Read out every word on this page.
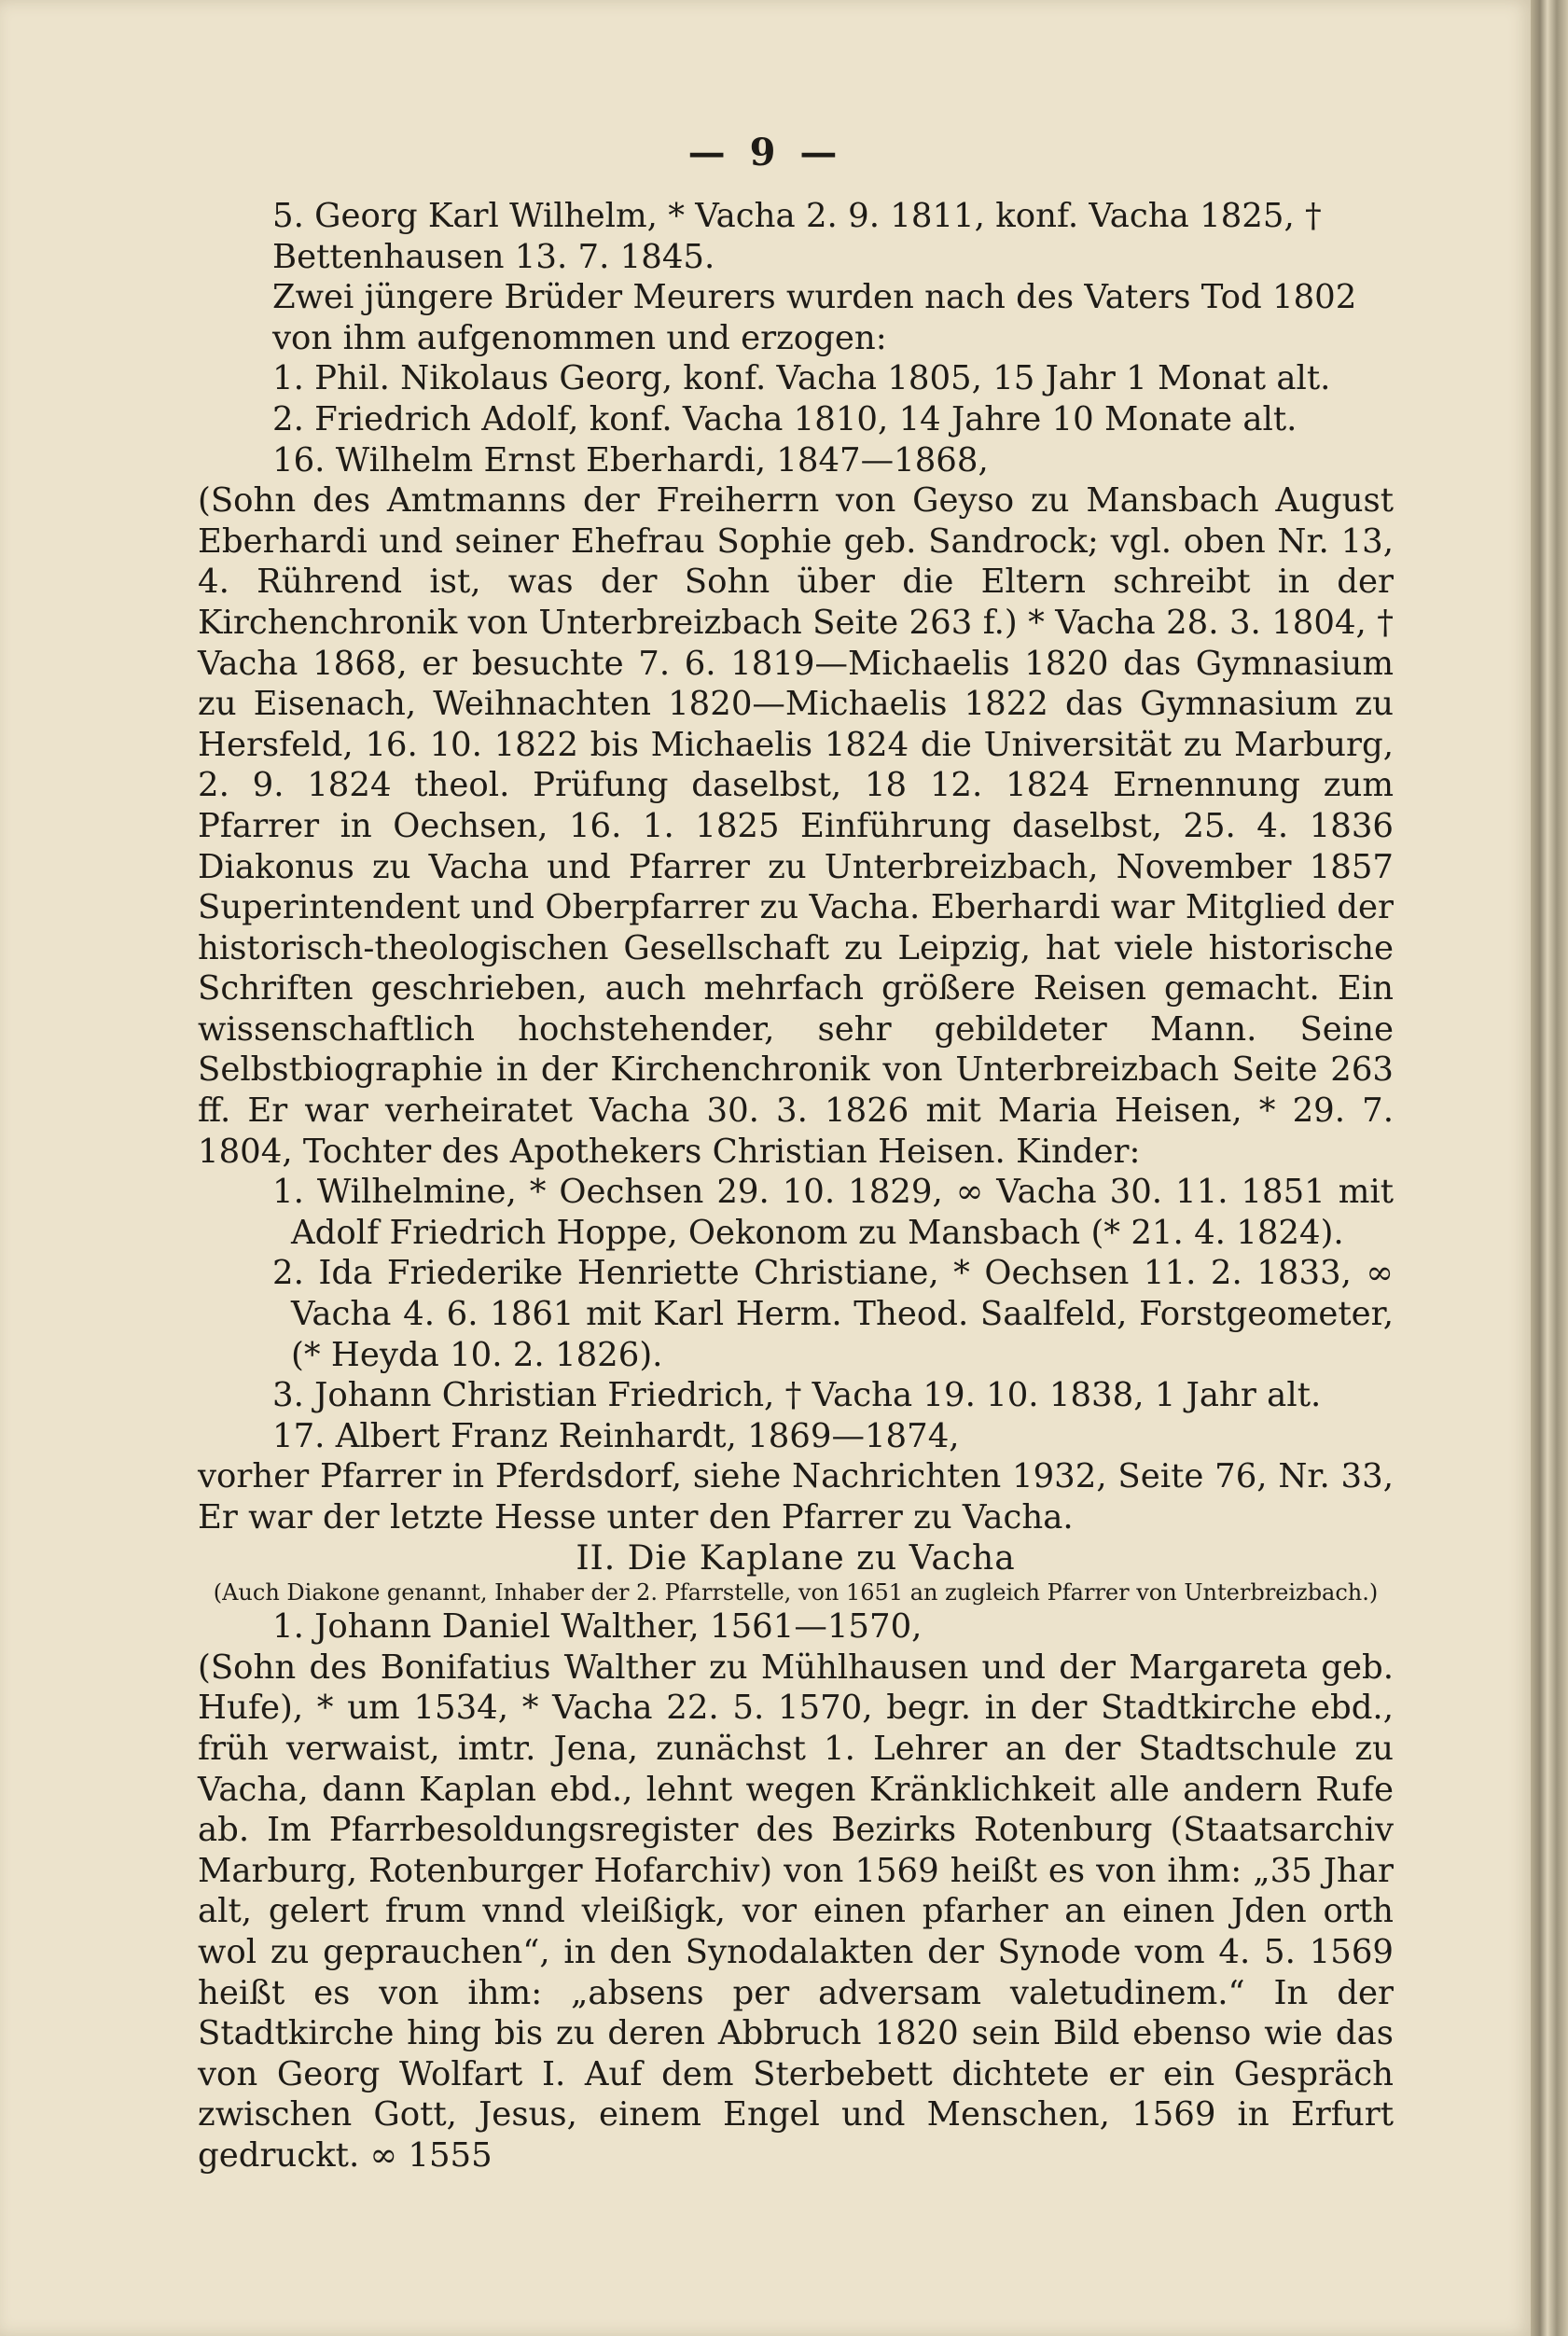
— 9 —

5. Georg Karl Wilhelm, * Vacha 2. 9. 1811, konf. Vacha 1825, † Bettenhausen 13. 7. 1845.

Zwei jüngere Brüder Meurers wurden nach des Vaters Tod 1802 von ihm aufgenommen und erzogen:

1. Phil. Nikolaus Georg, konf. Vacha 1805, 15 Jahr 1 Monat alt.

2. Friedrich Adolf, konf. Vacha 1810, 14 Jahre 10 Monate alt.

16. Wilhelm Ernst Eberhardi, 1847—1868,

(Sohn des Amtmanns der Freiherrn von Geyso zu Mansbach August Eberhardi und seiner Ehefrau Sophie geb. Sandrock; vgl. oben Nr. 13, 4. Rührend ist, was der Sohn über die Eltern schreibt in der Kirchenchronik von Unterbreizbach Seite 263 f.) * Vacha 28. 3. 1804, † Vacha 1868, er besuchte 7. 6. 1819—Michaelis 1820 das Gymnasium zu Eisenach, Weihnachten 1820—Michaelis 1822 das Gymnasium zu Hersfeld, 16. 10. 1822 bis Michaelis 1824 die Universität zu Marburg, 2. 9. 1824 theol. Prüfung daselbst, 18 12. 1824 Ernennung zum Pfarrer in Oechsen, 16. 1. 1825 Einführung daselbst, 25. 4. 1836 Diakonus zu Vacha und Pfarrer zu Unterbreizbach, November 1857 Superintendent und Oberpfarrer zu Vacha. Eberhardi war Mitglied der historisch-theologischen Gesellschaft zu Leipzig, hat viele historische Schriften geschrieben, auch mehrfach größere Reisen gemacht. Ein wissenschaftlich hochstehender, sehr gebildeter Mann. Seine Selbstbiographie in der Kirchenchronik von Unterbreizbach Seite 263 ff. Er war verheiratet Vacha 30. 3. 1826 mit Maria Heisen, * 29. 7. 1804, Tochter des Apothekers Christian Heisen. Kinder:

1. Wilhelmine, * Oechsen 29. 10. 1829, ∞ Vacha 30. 11. 1851 mit Adolf Friedrich Hoppe, Oekonom zu Mansbach (* 21. 4. 1824).

2. Ida Friederike Henriette Christiane, * Oechsen 11. 2. 1833, ∞ Vacha 4. 6. 1861 mit Karl Herm. Theod. Saalfeld, Forstgeometer, (* Heyda 10. 2. 1826).

3. Johann Christian Friedrich, † Vacha 19. 10. 1838, 1 Jahr alt.

17. Albert Franz Reinhardt, 1869—1874,

vorher Pfarrer in Pferdsdorf, siehe Nachrichten 1932, Seite 76, Nr. 33, Er war der letzte Hesse unter den Pfarrer zu Vacha.

II. Die Kaplane zu Vacha

(Auch Diakone genannt, Inhaber der 2. Pfarrstelle, von 1651 an zugleich Pfarrer von Unterbreizbach.)

1. Johann Daniel Walther, 1561—1570,

(Sohn des Bonifatius Walther zu Mühlhausen und der Margareta geb. Hufe), * um 1534, * Vacha 22. 5. 1570, begr. in der Stadtkirche ebd., früh verwaist, imtr. Jena, zunächst 1. Lehrer an der Stadtschule zu Vacha, dann Kaplan ebd., lehnt wegen Kränklichkeit alle andern Rufe ab. Im Pfarrbesoldungsregister des Bezirks Rotenburg (Staatsarchiv Marburg, Rotenburger Hofarchiv) von 1569 heißt es von ihm: „35 Jhar alt, gelert frum vnnd vleißigk, vor einen pfarher an einen Jden orth wol zu geprauchen“, in den Synodalakten der Synode vom 4. 5. 1569 heißt es von ihm: „absens per adversam valetudinem.“ In der Stadtkirche hing bis zu deren Abbruch 1820 sein Bild ebenso wie das von Georg Wolfart I. Auf dem Sterbebett dichtete er ein Gespräch zwischen Gott, Jesus, einem Engel und Menschen, 1569 in Erfurt gedruckt. ∞ 1555
